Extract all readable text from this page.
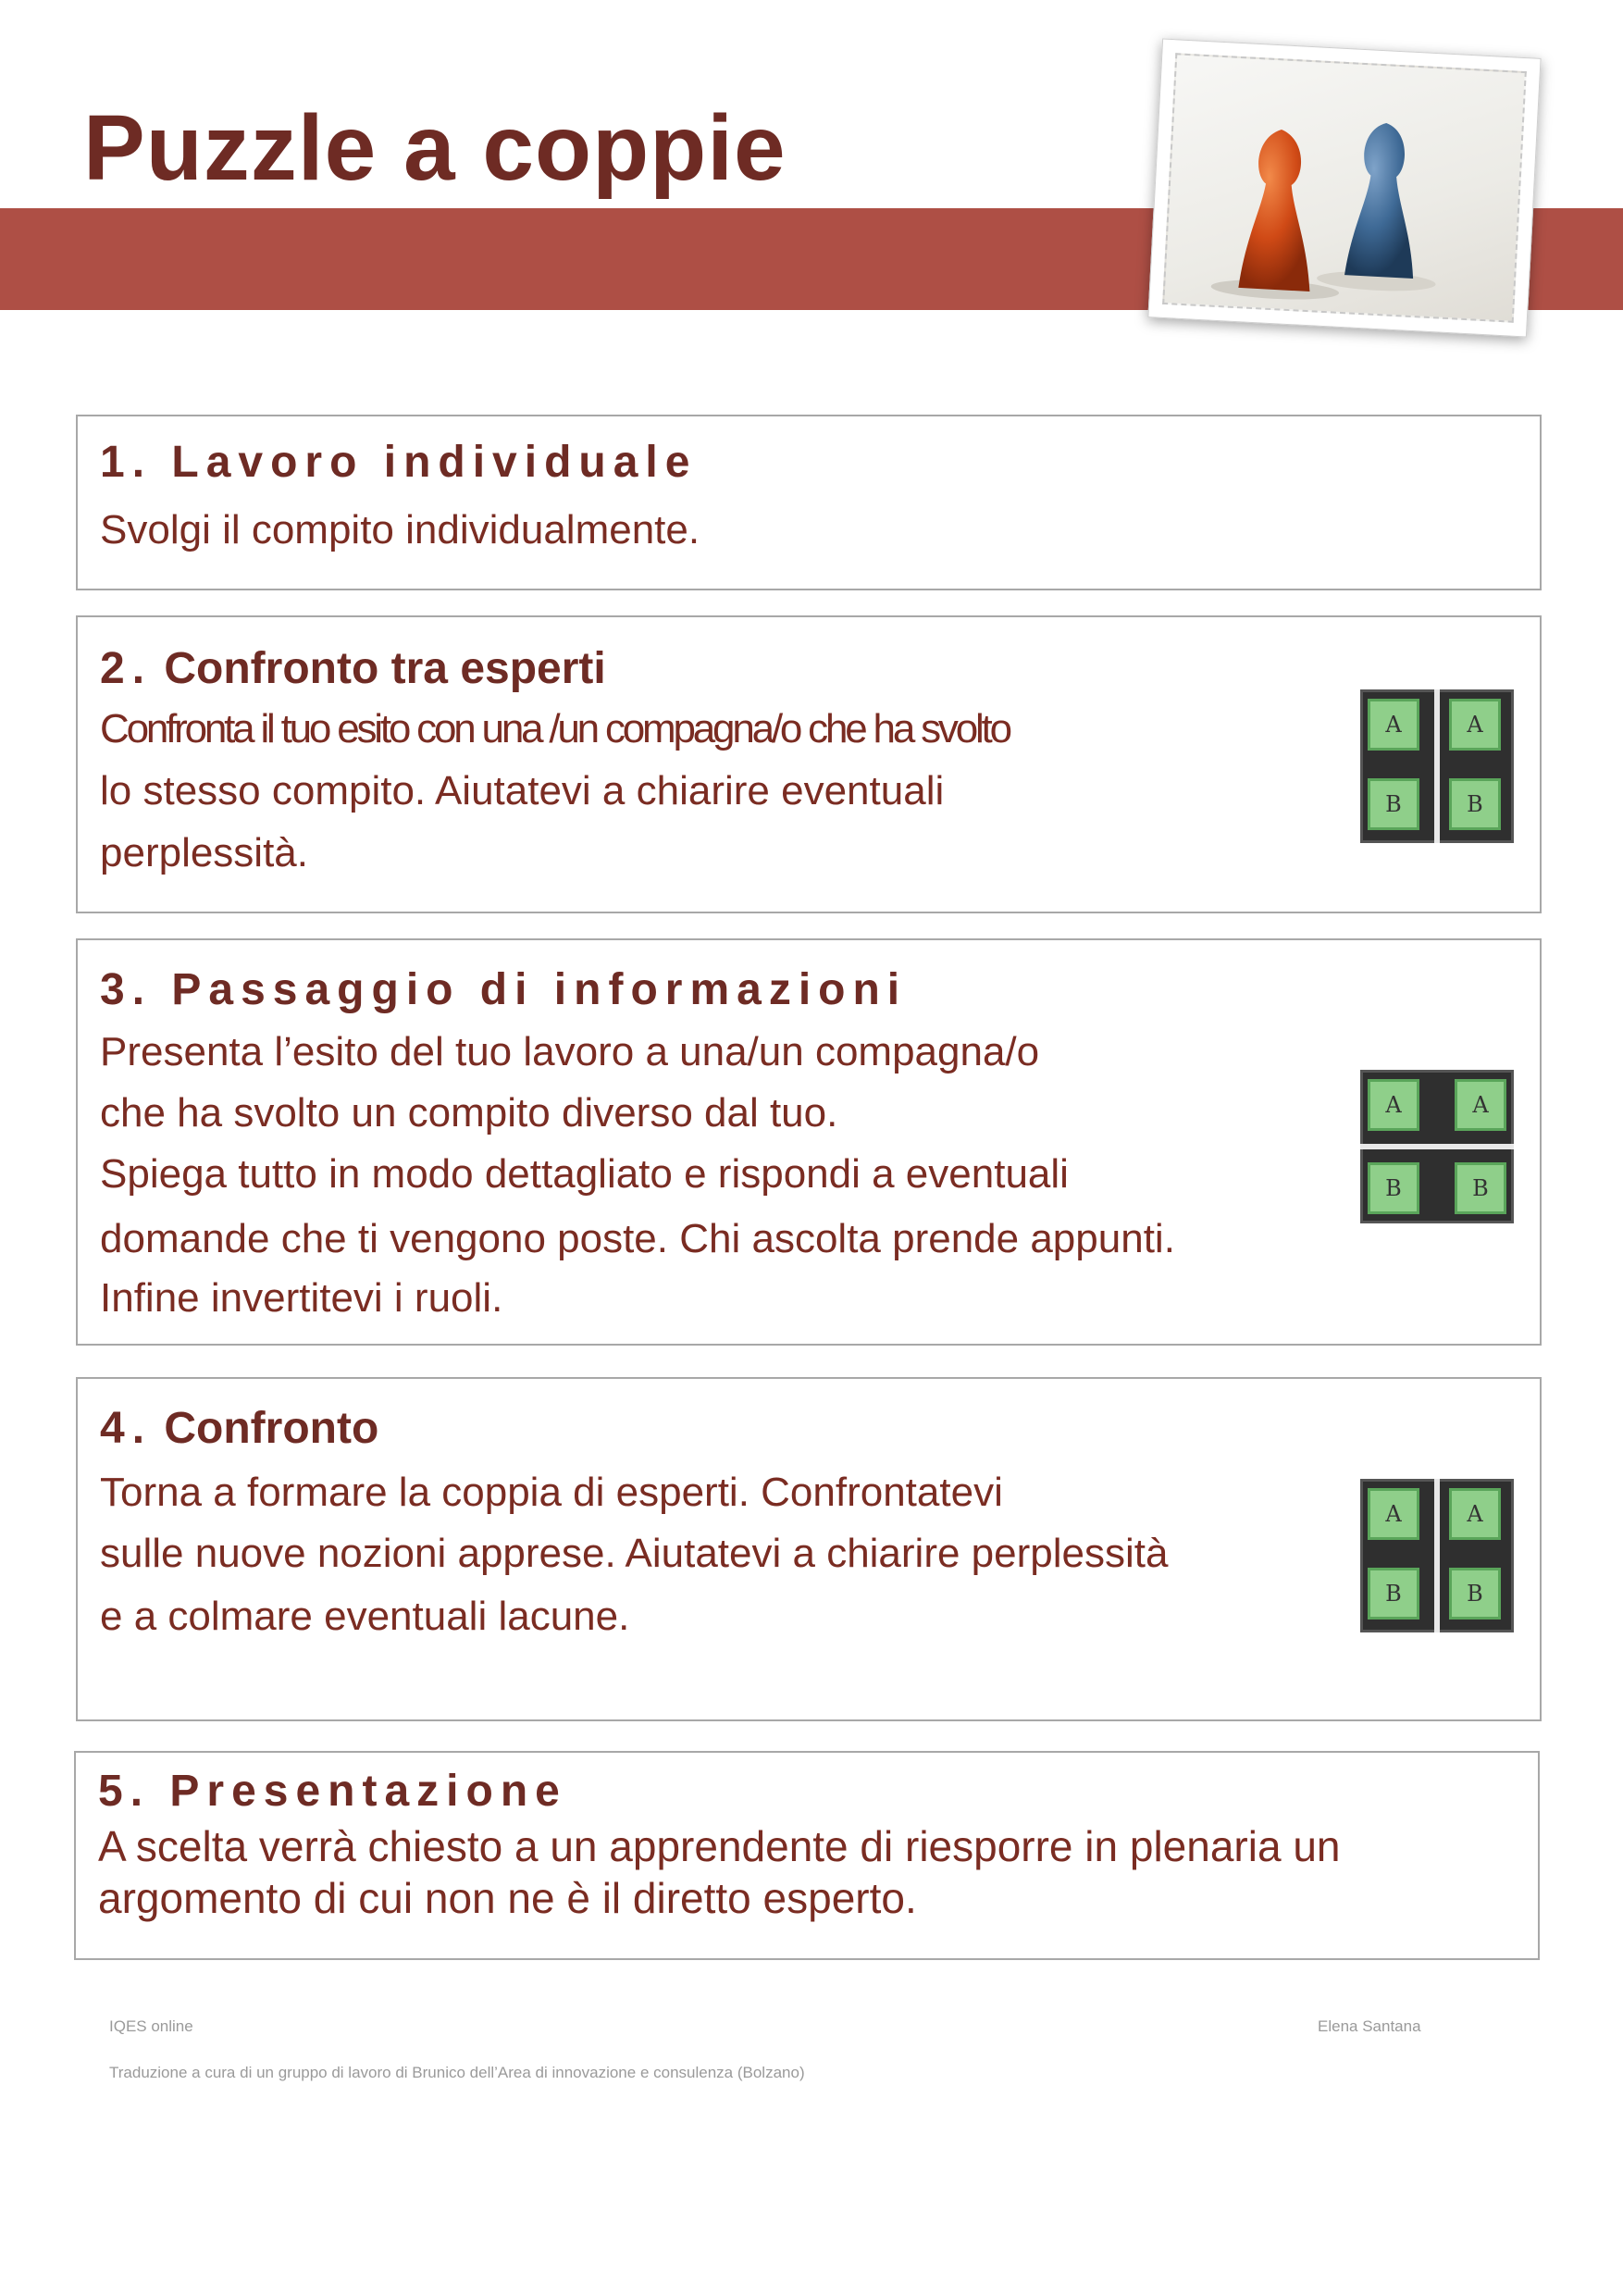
Puzzle a coppie
1. Lavoro individuale
Svolgi il compito individualmente.
2. Confronto tra esperti
Confronta il tuo esito con una /un compagna/o che ha svolto
lo stesso compito. Aiutatevi a chiarire eventuali
perplessità.
A	A
B	B
3. Passaggio di informazioni
Presenta l’esito del tuo lavoro a una/un compagna/o
che ha svolto un compito diverso dal tuo.
Spiega tutto in modo dettagliato e rispondi a eventuali
domande che ti vengono poste. Chi ascolta prende appunti.
Infine invertitevi i ruoli.
A	A
B	B
4. Confronto
Torna a formare la coppia di esperti. Confrontatevi
sulle nuove nozioni apprese. Aiutatevi a chiarire perplessità
e a colmare eventuali lacune.
A	A
B	B
5. Presentazione
A scelta verrà chiesto a un apprendente di riesporre in plenaria un
argomento di cui non ne è il diretto esperto.
IQES online	Elena Santana
Traduzione a cura di un gruppo di lavoro di Brunico dell’Area di innovazione e consulenza (Bolzano)
